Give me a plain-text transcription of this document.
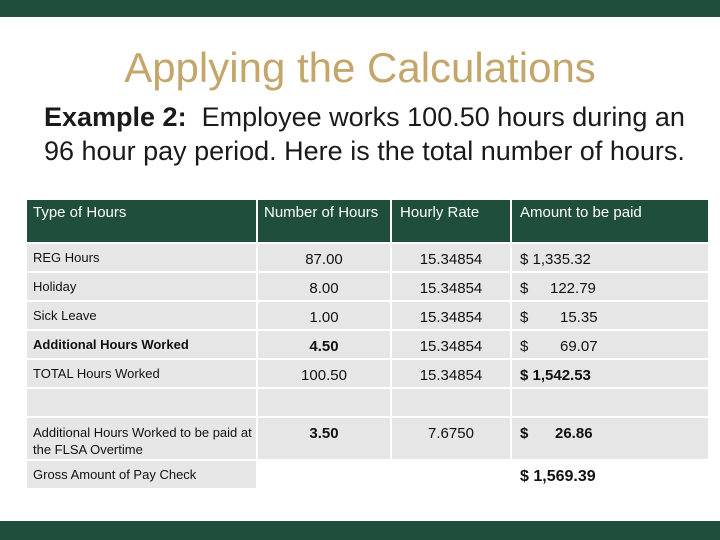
Applying the Calculations
Example 2: Employee works 100.50 hours during an 96 hour pay period. Here is the total number of hours.
Type of Hours	Number of Hours	Hourly Rate	Amount to be paid
REG Hours	87.00	15.34854	$ 1,335.32
Holiday	8.00	15.34854	$ 122.79
Sick Leave	1.00	15.34854	$ 15.35
Additional Hours Worked	4.50	15.34854	$ 69.07
TOTAL Hours Worked	100.50	15.34854	$ 1,542.53

Additional Hours Worked to be paid at the FLSA Overtime	3.50	7.6750	$ 26.86
Gross Amount of Pay Check			$ 1,569.39
